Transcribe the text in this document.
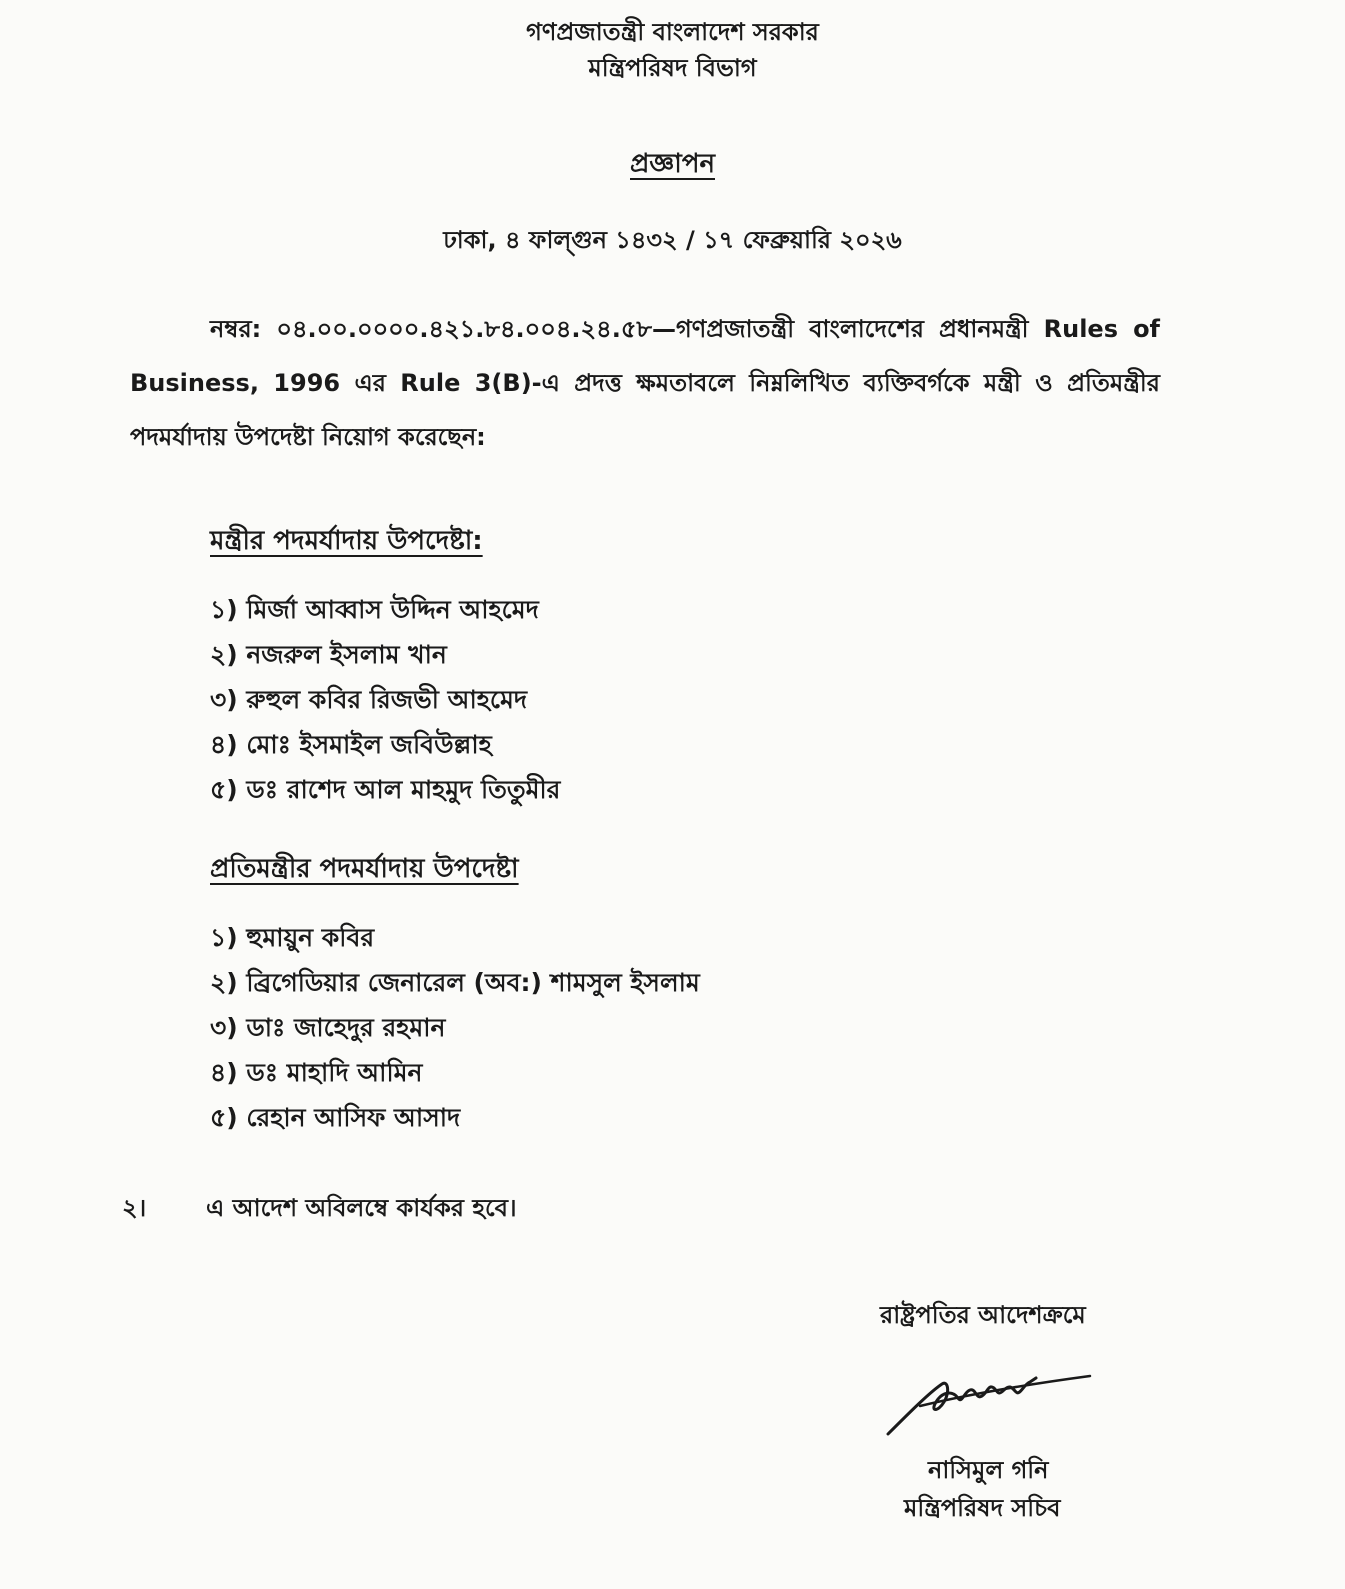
গণপ্রজাতন্ত্রী বাংলাদেশ সরকার
মন্ত্রিপরিষদ বিভাগ
প্রজ্ঞাপন
ঢাকা, ৪ ফাল্গুন ১৪৩২ / ১৭ ফেব্রুয়ারি ২০২৬
নম্বর: ০৪.০০.০০০০.৪২১.৮৪.০০৪.২৪.৫৮—গণপ্রজাতন্ত্রী বাংলাদেশের প্রধানমন্ত্রী Rules of Business, 1996 এর Rule 3(B)-এ প্রদত্ত ক্ষমতাবলে নিম্নলিখিত ব্যক্তিবর্গকে মন্ত্রী ও প্রতিমন্ত্রীর পদমর্যাদায় উপদেষ্টা নিয়োগ করেছেন:
মন্ত্রীর পদমর্যাদায় উপদেষ্টা:
১) মির্জা আব্বাস উদ্দিন আহমেদ
২) নজরুল ইসলাম খান
৩) রুহুল কবির রিজভী আহমেদ
৪) মোঃ ইসমাইল জবিউল্লাহ
৫) ডঃ রাশেদ আল মাহমুদ তিতুমীর
প্রতিমন্ত্রীর পদমর্যাদায় উপদেষ্টা
১) হুমায়ুন কবির
২) ব্রিগেডিয়ার জেনারেল (অব:) শামসুল ইসলাম
৩) ডাঃ জাহেদুর রহমান
৪) ডঃ মাহাদি আমিন
৫) রেহান আসিফ আসাদ
২। এ আদেশ অবিলম্বে কার্যকর হবে।
রাষ্ট্রপতির আদেশক্রমে
নাসিমুল গনি
মন্ত্রিপরিষদ সচিব
